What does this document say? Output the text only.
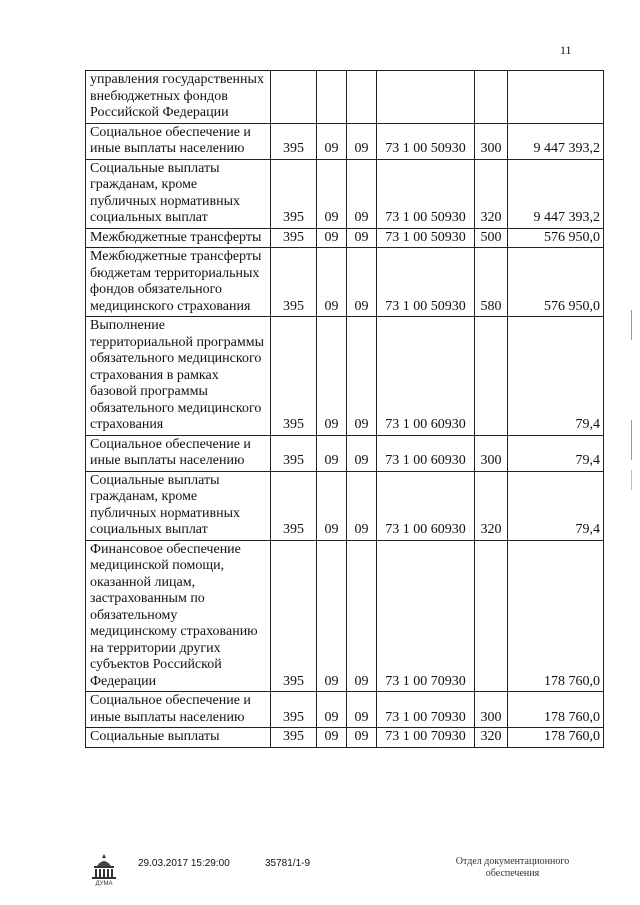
11
управления государственных внебюджетных фондов Российской Федерации						
Социальное обеспечение и иные выплаты населению	395	09	09	73 1 00 50930	300	9 447 393,2
Социальные выплаты гражданам, кроме публичных нормативных социальных выплат	395	09	09	73 1 00 50930	320	9 447 393,2
Межбюджетные трансферты	395	09	09	73 1 00 50930	500	576 950,0
Межбюджетные трансферты бюджетам территориальных фондов обязательного медицинского страхования	395	09	09	73 1 00 50930	580	576 950,0
Выполнение территориальной программы обязательного медицинского страхования в рамках базовой программы обязательного медицинского страхования	395	09	09	73 1 00 60930		79,4
Социальное обеспечение и иные выплаты населению	395	09	09	73 1 00 60930	300	79,4
Социальные выплаты гражданам, кроме публичных нормативных социальных выплат	395	09	09	73 1 00 60930	320	79,4
Финансовое обеспечение медицинской помощи, оказанной лицам, застрахованным по обязательному медицинскому страхованию на территории других субъектов Российской Федерации	395	09	09	73 1 00 70930		178 760,0
Социальное обеспечение и иные выплаты населению	395	09	09	73 1 00 70930	300	178 760,0
Социальные выплаты	395	09	09	73 1 00 70930	320	178 760,0
ДУМА
29.03.2017 15:29:00	35781/1-9	Отдел документационного
обеспечения
